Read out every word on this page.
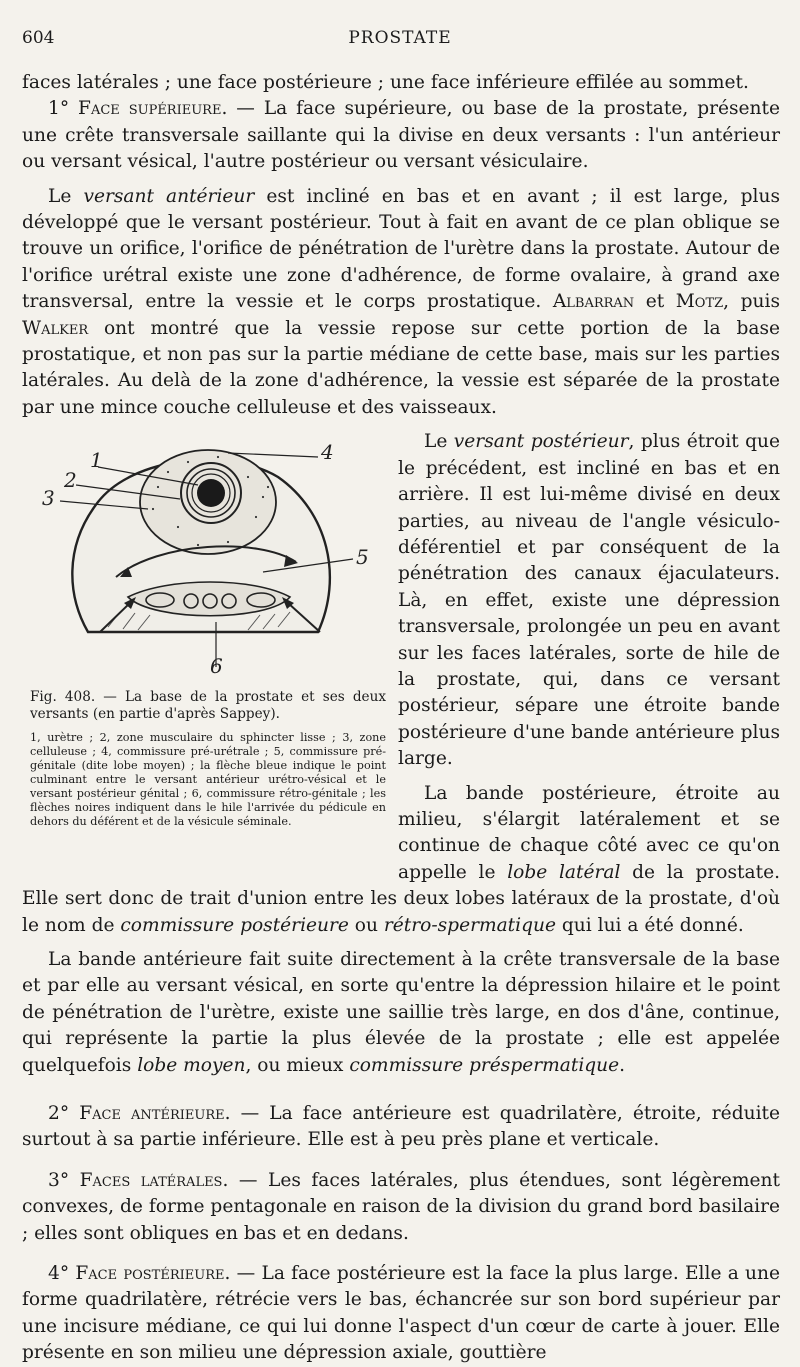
604	PROSTATE

faces latérales ; une face postérieure ; une face inférieure effilée au sommet.

1° Face supérieure. — La face supérieure, ou base de la prostate, présente une crête transversale saillante qui la divise en deux versants : l'un antérieur ou versant vésical, l'autre postérieur ou versant vésiculaire.

Le versant antérieur est incliné en bas et en avant ; il est large, plus développé que le versant postérieur. Tout à fait en avant de ce plan oblique se trouve un orifice, l'orifice de pénétration de l'urètre dans la prostate. Autour de l'orifice urétral existe une zone d'adhérence, de forme ovalaire, à grand axe transversal, entre la vessie et le corps prostatique. Albarran et Motz, puis Walker ont montré que la vessie repose sur cette portion de la base prostatique, et non pas sur la partie médiane de cette base, mais sur les parties latérales. Au delà de la zone d'adhérence, la vessie est séparée de la prostate par une mince couche celluleuse et des vaisseaux.

1
2
3
4
5
6
Fig. 408. — La base de la prostate et ses deux versants (en partie d'après Sappey).
1, urètre ; 2, zone musculaire du sphincter lisse ; 3, zone celluleuse ; 4, commissure pré-urétrale ; 5, commissure pré-génitale (dite lobe moyen) ; la flèche bleue indique le point culminant entre le versant antérieur urétro-vésical et le versant postérieur génital ; 6, commissure rétro-génitale ; les flèches noires indiquent dans le hile l'arrivée du pédicule en dehors du déférent et de la vésicule séminale.

Le versant postérieur, plus étroit que le précédent, est incliné en bas et en arrière. Il est lui-même divisé en deux parties, au niveau de l'angle vésiculo-déférentiel et par conséquent de la pénétration des canaux éjaculateurs. Là, en effet, existe une dépression transversale, prolongée un peu en avant sur les faces latérales, sorte de hile de la prostate, qui, dans ce versant postérieur, sépare une étroite bande postérieure d'une bande antérieure plus large.

La bande postérieure, étroite au milieu, s'élargit latéralement et se continue de chaque côté avec ce qu'on appelle le lobe latéral de la prostate. Elle sert donc de trait d'union entre les deux lobes latéraux de la prostate, d'où le nom de commissure postérieure ou rétro-spermatique qui lui a été donné.

La bande antérieure fait suite directement à la crête transversale de la base et par elle au versant vésical, en sorte qu'entre la dépression hilaire et le point de pénétration de l'urètre, existe une saillie très large, en dos d'âne, continue, qui représente la partie la plus élevée de la prostate ; elle est appelée quelquefois lobe moyen, ou mieux commissure préspermatique.

2° Face antérieure. — La face antérieure est quadrilatère, étroite, réduite surtout à sa partie inférieure. Elle est à peu près plane et verticale.

3° Faces latérales. — Les faces latérales, plus étendues, sont légèrement convexes, de forme pentagonale en raison de la division du grand bord basilaire ; elles sont obliques en bas et en dedans.

4° Face postérieure. — La face postérieure est la face la plus large. Elle a une forme quadrilatère, rétrécie vers le bas, échancrée sur son bord supérieur par une incisure médiane, ce qui lui donne l'aspect d'un cœur de carte à jouer. Elle présente en son milieu une dépression axiale, gouttière
